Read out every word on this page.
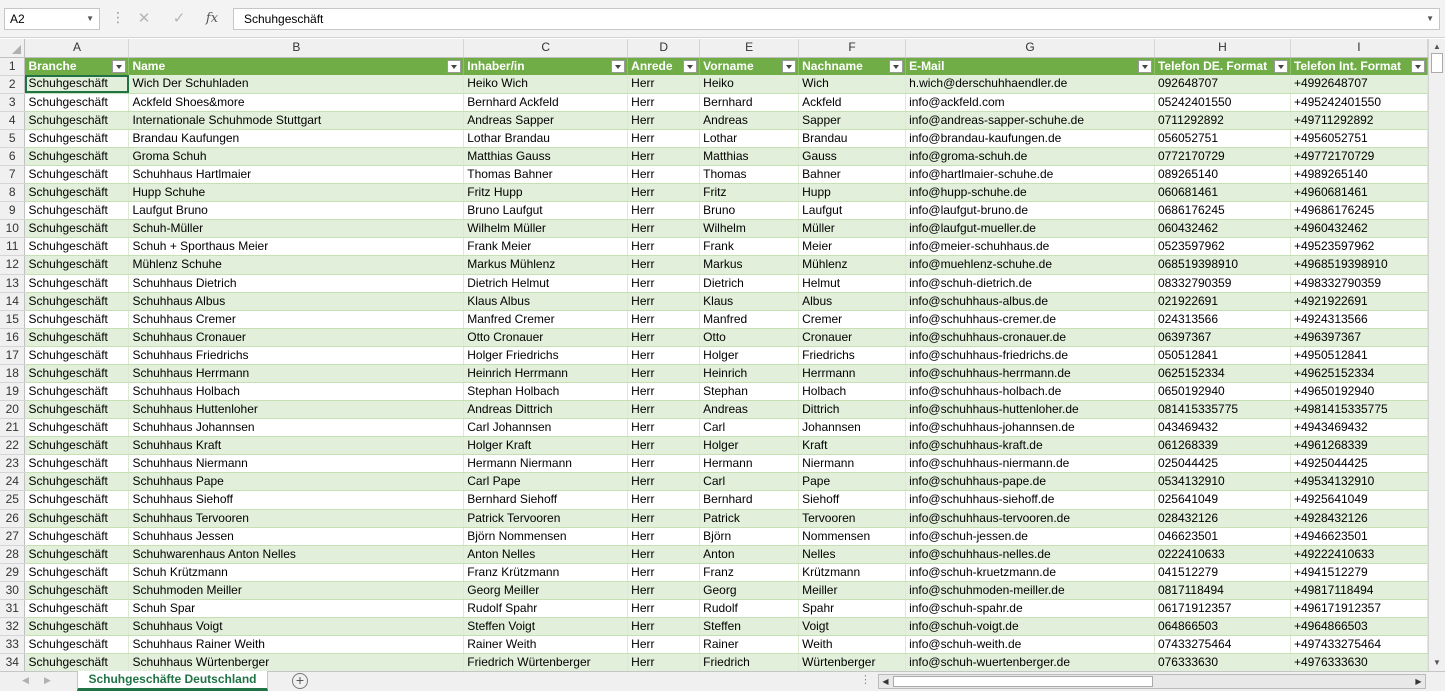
A2	▼ ⋮ ✕	✓	fx	Schuhgeschäft	▼
	A	B	C	D	E	F	G	H	I
1	Branche	Name	Inhaber/in	Anrede	Vorname	Nachname	E-Mail	Telefon DE. Format	Telefon Int. Format

2	Schuhgeschäft	Wich Der Schuhladen	Heiko Wich	Herr	Heiko	Wich	h.wich@derschuhhaendler.de	092648707	+4992648707
3	Schuhgeschäft	Ackfeld Shoes&more	Bernhard Ackfeld	Herr	Bernhard	Ackfeld	info@ackfeld.com	05242401550	+495242401550
4	Schuhgeschäft	Internationale Schuhmode Stuttgart	Andreas Sapper	Herr	Andreas	Sapper	info@andreas-sapper-schuhe.de	0711292892	+49711292892
5	Schuhgeschäft	Brandau Kaufungen	Lothar Brandau	Herr	Lothar	Brandau	info@brandau-kaufungen.de	056052751	+4956052751
6	Schuhgeschäft	Groma Schuh	Matthias Gauss	Herr	Matthias	Gauss	info@groma-schuh.de	0772170729	+49772170729
7	Schuhgeschäft	Schuhhaus Hartlmaier	Thomas Bahner	Herr	Thomas	Bahner	info@hartlmaier-schuhe.de	089265140	+4989265140
8	Schuhgeschäft	Hupp Schuhe	Fritz Hupp	Herr	Fritz	Hupp	info@hupp-schuhe.de	060681461	+4960681461
9	Schuhgeschäft	Laufgut Bruno	Bruno Laufgut	Herr	Bruno	Laufgut	info@laufgut-bruno.de	0686176245	+49686176245
10	Schuhgeschäft	Schuh-Müller	Wilhelm Müller	Herr	Wilhelm	Müller	info@laufgut-mueller.de	060432462	+4960432462
11	Schuhgeschäft	Schuh + Sporthaus Meier	Frank Meier	Herr	Frank	Meier	info@meier-schuhhaus.de	0523597962	+49523597962
12	Schuhgeschäft	Mühlenz Schuhe	Markus Mühlenz	Herr	Markus	Mühlenz	info@muehlenz-schuhe.de	068519398910	+4968519398910
13	Schuhgeschäft	Schuhhaus Dietrich	Dietrich Helmut	Herr	Dietrich	Helmut	info@schuh-dietrich.de	08332790359	+498332790359
14	Schuhgeschäft	Schuhhaus Albus	Klaus Albus	Herr	Klaus	Albus	info@schuhhaus-albus.de	021922691	+4921922691
15	Schuhgeschäft	Schuhhaus Cremer	Manfred Cremer	Herr	Manfred	Cremer	info@schuhhaus-cremer.de	024313566	+4924313566
16	Schuhgeschäft	Schuhhaus Cronauer	Otto Cronauer	Herr	Otto	Cronauer	info@schuhhaus-cronauer.de	06397367	+496397367
17	Schuhgeschäft	Schuhhaus Friedrichs	Holger Friedrichs	Herr	Holger	Friedrichs	info@schuhhaus-friedrichs.de	050512841	+4950512841
18	Schuhgeschäft	Schuhhaus Herrmann	Heinrich Herrmann	Herr	Heinrich	Herrmann	info@schuhhaus-herrmann.de	0625152334	+49625152334
19	Schuhgeschäft	Schuhhaus Holbach	Stephan Holbach	Herr	Stephan	Holbach	info@schuhhaus-holbach.de	0650192940	+49650192940
20	Schuhgeschäft	Schuhhaus Huttenloher	Andreas Dittrich	Herr	Andreas	Dittrich	info@schuhhaus-huttenloher.de	081415335775	+4981415335775
21	Schuhgeschäft	Schuhhaus Johannsen	Carl Johannsen	Herr	Carl	Johannsen	info@schuhhaus-johannsen.de	043469432	+4943469432
22	Schuhgeschäft	Schuhhaus Kraft	Holger Kraft	Herr	Holger	Kraft	info@schuhhaus-kraft.de	061268339	+4961268339
23	Schuhgeschäft	Schuhhaus Niermann	Hermann Niermann	Herr	Hermann	Niermann	info@schuhhaus-niermann.de	025044425	+4925044425
24	Schuhgeschäft	Schuhhaus Pape	Carl Pape	Herr	Carl	Pape	info@schuhhaus-pape.de	0534132910	+49534132910
25	Schuhgeschäft	Schuhhaus Siehoff	Bernhard Siehoff	Herr	Bernhard	Siehoff	info@schuhhaus-siehoff.de	025641049	+4925641049
26	Schuhgeschäft	Schuhhaus Tervooren	Patrick Tervooren	Herr	Patrick	Tervooren	info@schuhhaus-tervooren.de	028432126	+4928432126
27	Schuhgeschäft	Schuhhaus Jessen	Björn Nommensen	Herr	Björn	Nommensen	info@schuh-jessen.de	046623501	+4946623501
28	Schuhgeschäft	Schuhwarenhaus Anton Nelles	Anton Nelles	Herr	Anton	Nelles	info@schuhhaus-nelles.de	0222410633	+49222410633
29	Schuhgeschäft	Schuh Krützmann	Franz Krützmann	Herr	Franz	Krützmann	info@schuh-kruetzmann.de	041512279	+4941512279
30	Schuhgeschäft	Schuhmoden Meiller	Georg Meiller	Herr	Georg	Meiller	info@schuhmoden-meiller.de	0817118494	+49817118494
31	Schuhgeschäft	Schuh Spar	Rudolf Spahr	Herr	Rudolf	Spahr	info@schuh-spahr.de	06171912357	+496171912357
32	Schuhgeschäft	Schuhhaus Voigt	Steffen Voigt	Herr	Steffen	Voigt	info@schuh-voigt.de	064866503	+4964866503
33	Schuhgeschäft	Schuhhaus Rainer Weith	Rainer Weith	Herr	Rainer	Weith	info@schuh-weith.de	07433275464	+497433275464
34	Schuhgeschäft	Schuhhaus Würtenberger	Friedrich Würtenberger	Herr	Friedrich	Würtenberger	info@schuh-wuertenberger.de	076333630	+4976333630
▲
▼
◀ ▶	Schuhgeschäfte Deutschland	+	⋮	◀	▶
